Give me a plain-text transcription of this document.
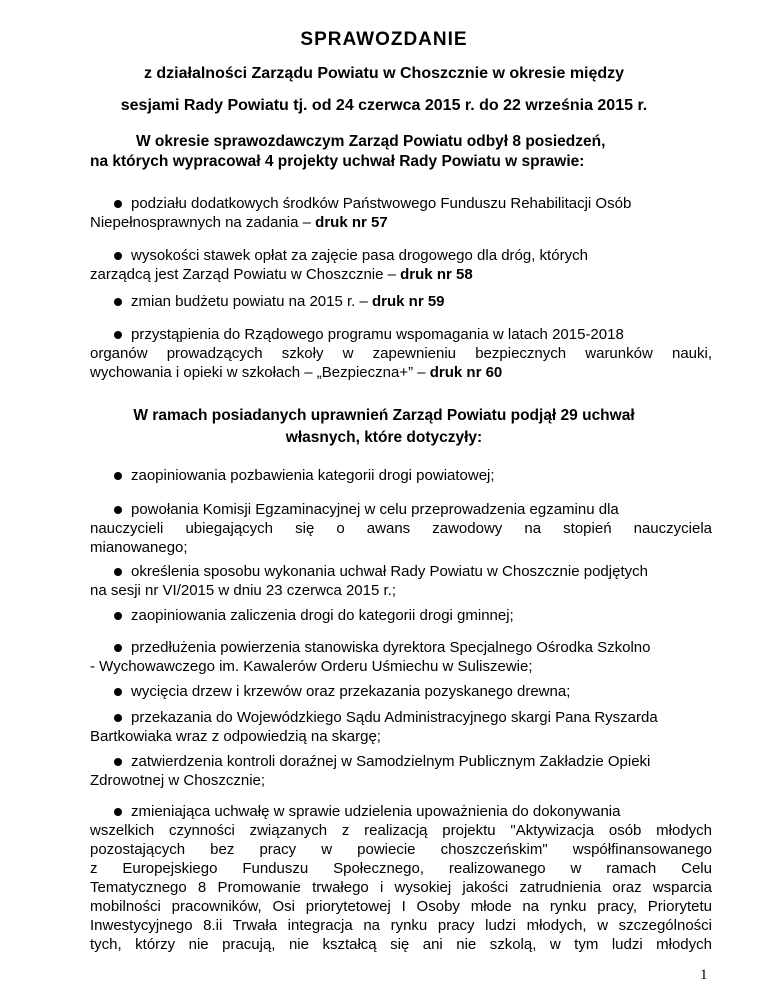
SPRAWOZDANIE
z działalności Zarządu Powiatu w Choszcznie w okresie między
sesjami Rady Powiatu tj. od 24 czerwca 2015 r. do 22 września 2015 r.
W okresie sprawozdawczym Zarząd Powiatu odbył 8 posiedzeń,
na których wypracował 4 projekty uchwał Rady Powiatu w sprawie:
podziału dodatkowych środków Państwowego Funduszu Rehabilitacji Osób
Niepełnosprawnych na zadania – druk nr 57
wysokości stawek opłat za zajęcie pasa drogowego dla dróg, których
zarządcą jest Zarząd Powiatu w Choszcznie – druk nr 58
zmian budżetu powiatu na 2015 r. – druk nr 59
przystąpienia do Rządowego programu wspomagania w latach 2015-2018
organów prowadzących szkoły w zapewnieniu bezpiecznych warunków nauki,
wychowania i opieki w szkołach – „Bezpieczna+” – druk nr 60
W ramach posiadanych uprawnień Zarząd Powiatu podjął 29 uchwał
własnych, które dotyczyły:
zaopiniowania pozbawienia kategorii drogi powiatowej;
powołania Komisji Egzaminacyjnej w celu przeprowadzenia egzaminu dla
nauczycieli ubiegających się o awans zawodowy na stopień nauczyciela
mianowanego;
określenia sposobu wykonania uchwał Rady Powiatu w Choszcznie podjętych
na sesji nr VI/2015 w dniu 23 czerwca 2015 r.;
zaopiniowania zaliczenia drogi do kategorii drogi gminnej;
przedłużenia powierzenia stanowiska dyrektora Specjalnego Ośrodka Szkolno
- Wychowawczego im. Kawalerów Orderu Uśmiechu w Suliszewie;
wycięcia drzew i krzewów oraz przekazania pozyskanego drewna;
przekazania do Wojewódzkiego Sądu Administracyjnego skargi Pana Ryszarda
Bartkowiaka wraz z odpowiedzią na skargę;
zatwierdzenia kontroli doraźnej w Samodzielnym Publicznym Zakładzie Opieki
Zdrowotnej w Choszcznie;
zmieniająca uchwałę w sprawie udzielenia upoważnienia do dokonywania
wszelkich czynności związanych z realizacją projektu "Aktywizacja osób młodych
pozostających bez pracy w powiecie choszczeńskim" współfinansowanego
z Europejskiego Funduszu Społecznego, realizowanego w ramach Celu
Tematycznego 8 Promowanie trwałego i wysokiej jakości zatrudnienia oraz wsparcia
mobilności pracowników, Osi priorytetowej I Osoby młode na rynku pracy, Priorytetu
Inwestycyjnego 8.ii Trwała integracja na rynku pracy ludzi młodych, w szczególności
tych, którzy nie pracują, nie kształcą się ani nie szkolą, w tym ludzi młodych
1
